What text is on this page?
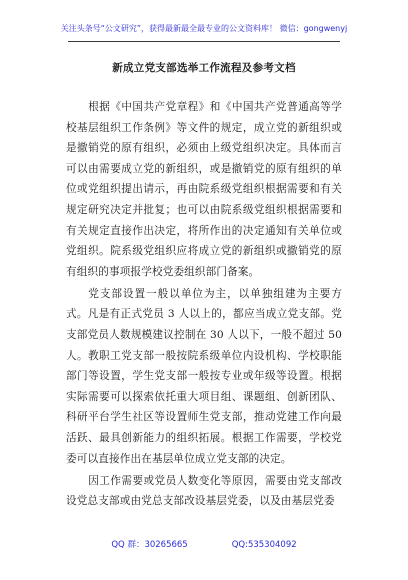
关注头条号“公文研究”，获得最新最全最专业的公文资料库！ 微信：gongwenyj
新成立党支部选举工作流程及参考文档

根据《中国共产党章程》和《中国共产党普通高等学校基层组织工作条例》等文件的规定，成立党的新组织或是撤销党的原有组织，必须由上级党组织决定。具体而言可以由需要成立党的新组织，或是撤销党的原有组织的单位或党组织提出请示，再由院系级党组织根据需要和有关规定研究决定并批复；也可以由院系级党组织根据需要和有关规定直接作出决定，将所作出的决定通知有关单位或党组织。院系级党组织应将成立党的新组织或撤销党的原有组织的事项报学校党委组织部门备案。

党支部设置一般以单位为主，以单独组建为主要方式。凡是有正式党员 3 人以上的，都应当成立党支部。党支部党员人数规模建议控制在 30 人以下，一般不超过 50 人。教职工党支部一般按院系级单位内设机构、学校职能部门等设置，学生党支部一般按专业或年级等设置。根据实际需要可以探索依托重大项目组、课题组、创新团队、科研平台学生社区等设置师生党支部，推动党建工作向最活跃、最具创新能力的组织拓展。根据工作需要，学校党委可以直接作出在基层单位成立党支部的决定。

因工作需要或党员人数变化等原因，需要由党支部改设党总支部或由党总支部改设基层党委，以及由基层党委

QQ 群：30265665	QQ:535304092
